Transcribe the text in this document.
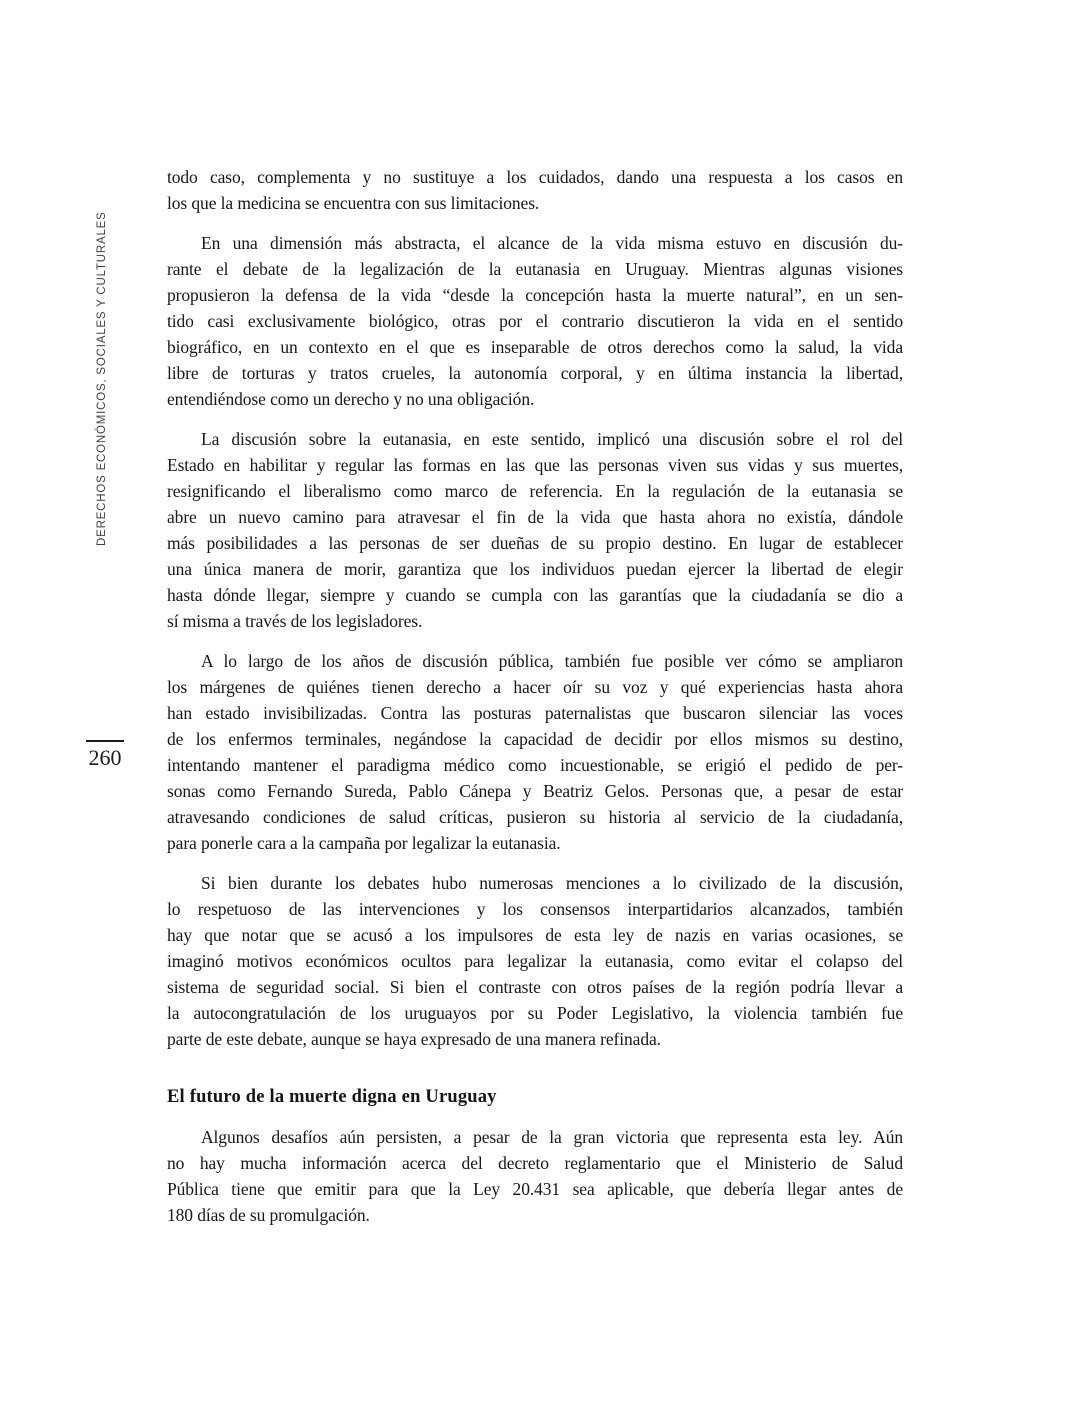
DERECHOS ECONÓMICOS, SOCIALES Y CULTURALES
260
todo caso, complementa y no sustituye a los cuidados, dando una respuesta a los casos en
los que la medicina se encuentra con sus limitaciones.
En una dimensión más abstracta, el alcance de la vida misma estuvo en discusión du-
rante el debate de la legalización de la eutanasia en Uruguay. Mientras algunas visiones
propusieron la defensa de la vida “desde la concepción hasta la muerte natural”, en un sen-
tido casi exclusivamente biológico, otras por el contrario discutieron la vida en el sentido
biográfico, en un contexto en el que es inseparable de otros derechos como la salud, la vida
libre de torturas y tratos crueles, la autonomía corporal, y en última instancia la libertad,
entendiéndose como un derecho y no una obligación.
La discusión sobre la eutanasia, en este sentido, implicó una discusión sobre el rol del
Estado en habilitar y regular las formas en las que las personas viven sus vidas y sus muertes,
resignificando el liberalismo como marco de referencia. En la regulación de la eutanasia se
abre un nuevo camino para atravesar el fin de la vida que hasta ahora no existía, dándole
más posibilidades a las personas de ser dueñas de su propio destino. En lugar de establecer
una única manera de morir, garantiza que los individuos puedan ejercer la libertad de elegir
hasta dónde llegar, siempre y cuando se cumpla con las garantías que la ciudadanía se dio a
sí misma a través de los legisladores.
A lo largo de los años de discusión pública, también fue posible ver cómo se ampliaron
los márgenes de quiénes tienen derecho a hacer oír su voz y qué experiencias hasta ahora
han estado invisibilizadas. Contra las posturas paternalistas que buscaron silenciar las voces
de los enfermos terminales, negándose la capacidad de decidir por ellos mismos su destino,
intentando mantener el paradigma médico como incuestionable, se erigió el pedido de per-
sonas como Fernando Sureda, Pablo Cánepa y Beatriz Gelos. Personas que, a pesar de estar
atravesando condiciones de salud críticas, pusieron su historia al servicio de la ciudadanía,
para ponerle cara a la campaña por legalizar la eutanasia.
Si bien durante los debates hubo numerosas menciones a lo civilizado de la discusión,
lo respetuoso de las intervenciones y los consensos interpartidarios alcanzados, también
hay que notar que se acusó a los impulsores de esta ley de nazis en varias ocasiones, se
imaginó motivos económicos ocultos para legalizar la eutanasia, como evitar el colapso del
sistema de seguridad social. Si bien el contraste con otros países de la región podría llevar a
la autocongratulación de los uruguayos por su Poder Legislativo, la violencia también fue
parte de este debate, aunque se haya expresado de una manera refinada.
El futuro de la muerte digna en Uruguay
Algunos desafíos aún persisten, a pesar de la gran victoria que representa esta ley. Aún
no hay mucha información acerca del decreto reglamentario que el Ministerio de Salud
Pública tiene que emitir para que la Ley 20.431 sea aplicable, que debería llegar antes de
180 días de su promulgación.
